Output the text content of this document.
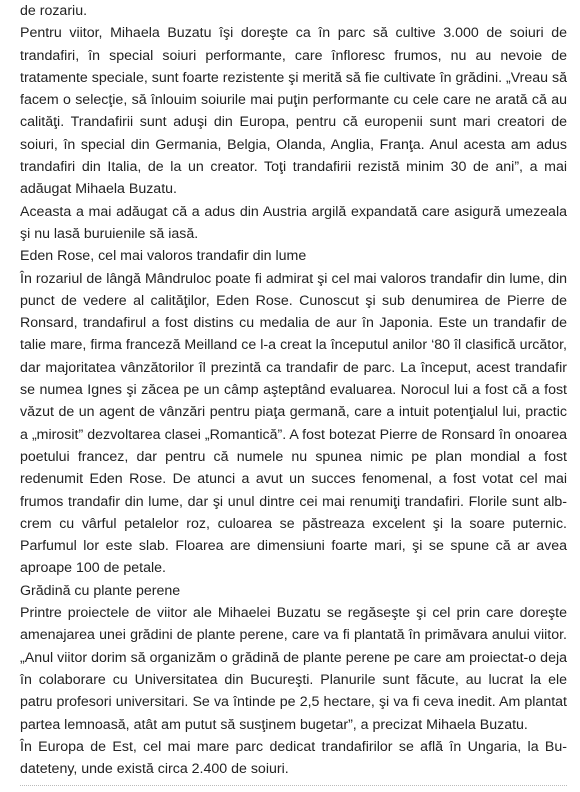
de rozariu.

Pentru viitor, Mihaela Buzatu îşi doreşte ca în parc să cultive 3.000 de soiuri de trandafiri, în special soiuri performante, care înfloresc frumos, nu au nevoie de tratamente speciale, sunt foarte rezistente şi merită să fie cultivate în grădini. „Vreau să facem o selecţie, să înlouim soiurile mai puţin performante cu cele care ne arată că au calităţi. Trandafirii sunt aduşi din Europa, pentru că europenii sunt mari creatori de soiuri, în special din Germania, Belgia, Olanda, Anglia, Franţa. Anul acesta am adus trandafiri din Italia, de la un creator. Toţi trandafirii rezistă minim 30 de ani”, a mai adăugat Mihaela Buzatu.

Aceasta a mai adăugat că a adus din Austria argilă expandată care asigură umezeala şi nu lasă buruienile să iasă.

Eden Rose, cel mai valoros trandafir din lume

În rozariul de lângă Mândruloc poate fi admirat şi cel mai valoros trandafir din lume, din punct de vedere al calităţilor, Eden Rose. Cunoscut şi sub denumirea de Pierre de Ronsard, trandafirul a fost distins cu medalia de aur în Japonia. Este un trandafir de talie mare, firma franceză Meilland ce l-a creat la începutul anilor ‘80 îl clasifică urcător, dar majoritatea vânzătorilor îl prezintă ca trandafir de parc. La început, acest trandafir se numea Ignes şi zăcea pe un câmp aşteptând evaluarea. Norocul lui a fost că a fost văzut de un agent de vânzări pentru piaţa germană, care a intuit potenţialul lui, practic a „mirosit” dezvoltarea clasei „Romantică”. A fost botezat Pierre de Ronsard în onoarea poetului francez, dar pentru că numele nu spunea nimic pe plan mondial a fost redenumit Eden Rose. De atunci a avut un succes fenomenal, a fost votat cel mai frumos trandafir din lume, dar şi unul dintre cei mai renumiţi trandafiri. Florile sunt alb-crem cu vârful petalelor roz, culoarea se păstreaza excelent şi la soare puternic. Parfumul lor este slab. Floarea are dimensiuni foarte mari, şi se spune că ar avea aproape 100 de petale.

Grădină cu plante perene

Printre proiectele de viitor ale Mihaelei Buzatu se regăseşte şi cel prin care doreşte amenajarea unei grădini de plante perene, care va fi plantată în primăvara anului viitor. „Anul viitor dorim să organizăm o grădină de plante perene pe care am proiectat-o deja în colaborare cu Universitatea din Bucureşti. Planurile sunt făcute, au lucrat la ele patru profesori universitari. Se va întinde pe 2,5 hectare, şi va fi ceva inedit. Am plantat partea lemnoasă, atât am putut să susţinem bugetar”, a precizat Mihaela Buzatu.

În Europa de Est, cel mai mare parc dedicat trandafirilor se află în Ungaria, la Bu-dateteny, unde există circa 2.400 de soiuri.
